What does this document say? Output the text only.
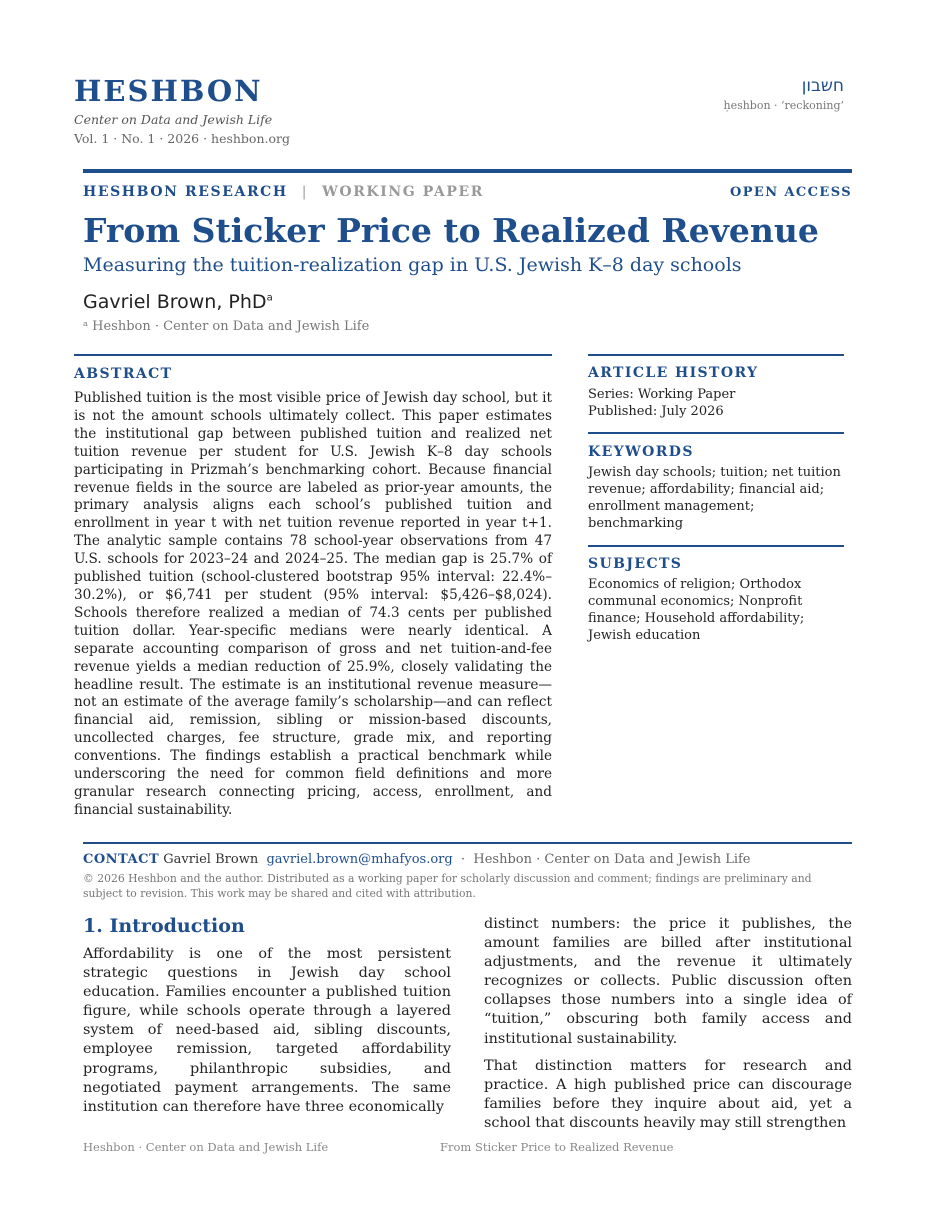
HESHBON
Center on Data and Jewish Life
Vol. 1 · No. 1 · 2026 · heshbon.org
חשבון
ḥeshbon · ‘reckoning’
HESHBON RESEARCH | WORKING PAPER	OPEN ACCESS
From Sticker Price to Realized Revenue
Measuring the tuition-realization gap in U.S. Jewish K–8 day schools
Gavriel Brown, PhD$^a$
ᵃ Heshbon · Center on Data and Jewish Life
ABSTRACT
Published tuition is the most visible price of Jewish day school, but it is not the amount schools ultimately collect. This paper estimates the institutional gap between published tuition and realized net tuition revenue per student for U.S. Jewish K–8 day schools participating in Prizmah’s benchmarking cohort. Because financial revenue fields in the source are labeled as prior-year amounts, the primary analysis aligns each school’s published tuition and enrollment in year t with net tuition revenue reported in year t+1. The analytic sample contains 78 school-year observations from 47 U.S. schools for 2023–24 and 2024–25. The median gap is 25.7% of published tuition (school-clustered bootstrap 95% interval: 22.4%–30.2%), or $6,741 per student (95% interval: $5,426–$8,024). Schools therefore realized a median of 74.3 cents per published tuition dollar. Year-specific medians were nearly identical. A separate accounting comparison of gross and net tuition-and-fee revenue yields a median reduction of 25.9%, closely validating the headline result. The estimate is an institutional revenue measure—not an estimate of the average family’s scholarship—and can reflect financial aid, remission, sibling or mission-based discounts, uncollected charges, fee structure, grade mix, and reporting conventions. The findings establish a practical benchmark while underscoring the need for common field definitions and more granular research connecting pricing, access, enrollment, and financial sustainability.
ARTICLE HISTORY
Series: Working Paper
Published: July 2026
KEYWORDS
Jewish day schools; tuition; net tuition revenue; affordability; financial aid; enrollment management; benchmarking
SUBJECTS
Economics of religion; Orthodox communal economics; Nonprofit finance; Household affordability; Jewish education
CONTACT Gavriel Brown gavriel.brown@mhafyos.org · Heshbon · Center on Data and Jewish Life
© 2026 Heshbon and the author. Distributed as a working paper for scholarly discussion and comment; findings are preliminary and subject to revision. This work may be shared and cited with attribution.
1. Introduction

Affordability is one of the most persistent strategic questions in Jewish day school education. Families encounter a published tuition figure, while schools operate through a layered system of need-based aid, sibling discounts, employee remission, targeted affordability programs, philanthropic subsidies, and negotiated payment arrangements. The same institution can therefore have three economically

distinct numbers: the price it publishes, the amount families are billed after institutional adjustments, and the revenue it ultimately recognizes or collects. Public discussion often collapses those numbers into a single idea of “tuition,” obscuring both family access and institutional sustainability.

That distinction matters for research and practice. A high published price can discourage families before they inquire about aid, yet a school that discounts heavily may still strengthen

Heshbon · Center on Data and Jewish Life	From Sticker Price to Realized Revenue
